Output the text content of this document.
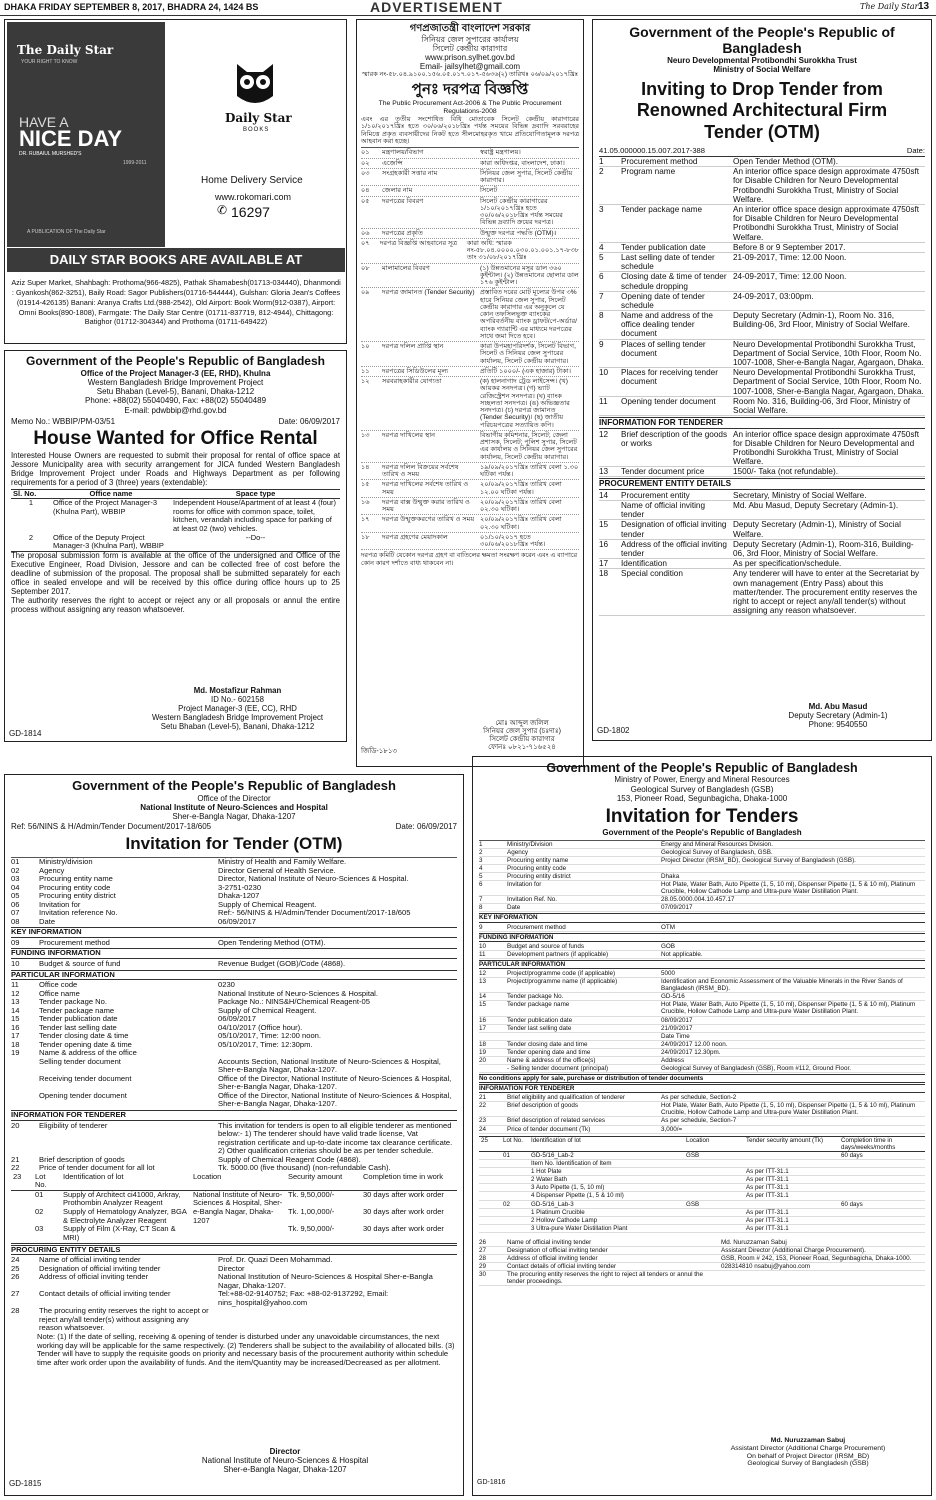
DHAKA FRIDAY SEPTEMBER 8, 2017, BHADRA 24, 1424 BS	ADVERTISEMENT	The Daily Star 13
The Daily Star
YOUR RIGHT TO KNOW
HAVE A
NICE DAY
DR. RUBAIUL MURSHED'S
1999-2011
A PUBLICATION OF The Daily Star
Daily Star
BOOKS
Home Delivery Service
www.rokomari.com
✆ 16297
DAILY STAR BOOKS ARE AVAILABLE AT
Aziz Super Market, Shahbagh: Prothoma(966-4825), Pathak Shamabesh(01713-034440), Dhanmondi : Gyankosh(862-3251), Baily Road: Sagor Publishers(01716-544444), Gulshan: Gloria Jean's Coffees (01914-426135) Banani: Aranya Crafts Ltd.(988-2542), Old Airport: Book Worm(912-0387), Airport: Omni Books(890-1808), Farmgate: The Daily Star Centre (01711-837719, 812-4944), Chittagong: Batighor (01712-304344) and Prothoma (01711-649422)
Government of the People's Republic of Bangladesh
Office of the Project Manager-3 (EE, RHD), Khulna
Western Bangladesh Bridge Improvement Project
Setu Bhaban (Level-5), Banani, Dhaka-1212
Phone: +88(02) 55040490, Fax: +88(02) 55040489
E-mail: pdwbbip@rhd.gov.bd
Memo No.: WBBIP/PM-03/51	Date: 06/09/2017
House Wanted for Office Rental
Interested House Owners are requested to submit their proposal for rental of office space at Jessore Municipality area with security arrangement for JICA funded Western Bangladesh Bridge Improvement Project under Roads and Highways Department as per following requirements for a period of 3 (three) years (extendable):
Sl. No.	Office name	Space type
1	Office of the Project Manager-3 (Khulna Part), WBBIP	Independent House/Apartment of at least 4 (four) rooms for office with common space, toilet, kitchen, verandah including space for parking of at least 02 (two) vehicles.
2	Office of the Deputy Project Manager-3 (Khulna Part), WBBIP	--Do--
The proposal submission form is available at the office of the undersigned and Office of the Executive Engineer, Road Division, Jessore and can be collected free of cost before the deadline of submission of the proposal. The proposal shall be submitted separately for each office in sealed envelope and will be received by this office during office hours up to 25 September 2017.
The authority reserves the right to accept or reject any or all proposals or annul the entire process without assigning any reason whatsoever.
Md. Mostafizur Rahman
ID No.- 602158
Project Manager-3 (EE, CC), RHD
Western Bangladesh Bridge Improvement Project
Setu Bhaban (Level-5), Banani, Dhaka-1212
GD-1814
গণপ্রজাতন্ত্রী বাংলাদেশ সরকার
সিনিয়র জেল সুপারের কার্যালয়
সিলেট কেন্দ্রীয় কারাগার
www.prison.sylhet.gov.bd
Email- jailsylhet@gmail.com
স্মারক নং-৫৮.০৪.৯১০০.১৫৬.০৫.০১৭.০১৭-৫৬৩৬(২) তারিখঃ ০৬/০৯/২০১৭খ্রিঃ
পুনঃ দরপত্র বিজ্ঞপ্তি
The Public Procurement Act-2006 & The Public Procurement Regulations-2008
এবং এর তৃতীয় সংশোধিত বিধি মোতাবেক সিলেট কেন্দ্রীয় কারাগারের ১/১০/২০১৭খ্রিঃ হতে ৩০/০৬/২০১৮খ্রিঃ পর্যন্ত সময়ের বিভিন্ন দ্রব্যাদি সরবরাহের নিমিত্তে প্রকৃত ব্যবসায়ীদের নিকট হতে সীলমোহরকৃত খামে প্রতিযোগিতামূলক দরপত্র আহবান করা হচ্ছে।
০১	মন্ত্রণালয়/বিভাগ	স্বরাষ্ট্র মন্ত্রণালয়।
০২	এজেন্সি	কারা অধিদপ্তর, বাংলাদেশ, ঢাকা।
০৩	সংগ্রহকারী সত্তার নাম	সিনিয়র জেল সুপার, সিলেট কেন্দ্রীয় কারাগার।
০৪	জেলার নাম	সিলেট
০৫	দরপত্রের বিবরণ	সিলেট কেন্দ্রীয় কারাগারের ১/১০/২০১৭খ্রিঃ হতে ৩০/০৬/২০১৮খ্রিঃ পর্যন্ত সময়ের বিভিন্ন দ্রব্যাদি ক্রয়ের দরপত্র।
০৬	দরপত্রের প্রকৃতি	উন্মুক্ত দরপত্র পদ্ধতি (OTM)।
০৭	দরপত্র বিজ্ঞপ্তি আহবানের সূত্র	কারা অধি: স্মারক নং-৫৮.০৪.০০০০.০৩০.০১.০০১.১৭-৮৩৮ তাং ৩১/০৮/২০১৭খ্রিঃ
০৮	মালামালের বিবরণ	(১) উন্নতমানের মসুর ডাল ৩৬০ কুইন্টাল। (২) উন্নতমানের ছোলার ডাল ১৭৬ কুইন্টাল।
০৯	দরপত্র জামানত (Tender Security) প্রস্তাবিত দরের মোট মূল্যের উপর ৩% হারে সিনিয়র জেল সুপার, সিলেট কেন্দ্রীয় কারাগার এর অনুকূলে যে কোন তফসিলভুক্ত ব্যাংকের অপরিবর্তনীয় ব্যাংক ড্রাফট/পে-অর্ডার/ব্যাংক গ্যারান্টি এর মাধ্যমে দরপত্রের সাথে জমা দিতে হবে।
১০	দরপত্র দলিল প্রাপ্তি স্থান	কারা উপমহাপরিদর্শক, সিলেট বিভাগ, সিলেট ও সিনিয়র জেল সুপারের কার্যালয়, সিলেট কেন্দ্রীয় কারাগার।
১১	দরপত্রের সিডিউলের মূল্য	প্রতিটি ১০০০/- (এক হাজার) টাকা।
১২	সরবরাহকারীর যোগ্যতা	(ক) হালনাগাদ ট্রেড লাইসেন্স। (খ) আয়কর সনদপত্র। (গ) ভ্যাট রেজিস্ট্রেশন সনদপত্র। (ঘ) ব্যাংক সচ্ছলতা সনদপত্র। (ঙ) অভিজ্ঞতার সনদপত্র। (চ) দরপত্র জামানত (Tender Security)। (ছ) জাতীয় পরিচয়পত্রের সত্যায়িত কপি।
১৩	দরপত্র দাখিলের স্থান	বিভাগীয় কমিশনার, সিলেট; জেলা প্রশাসক, সিলেট; পুলিশ সুপার, সিলেট এর কার্যালয় ও সিনিয়র জেল সুপারের কার্যালয়, সিলেট কেন্দ্রীয় কারাগার।
১৪	দরপত্র দলিল বিক্রয়ের সর্বশেষ তারিখ ও সময়
১৯/০৯/২০১৭খ্রিঃ তারিখ বেলা ১.৩০ ঘটিকা পর্যন্ত।
১৫	দরপত্র দাখিলের সর্বশেষ তারিখ ও সময়
২০/০৯/২০১৭খ্রিঃ তারিখ বেলা ১২.০০ ঘটিকা পর্যন্ত।
১৬	দরপত্র বাক্স উন্মুক্ত করার তারিখ ও সময়
২০/০৯/২০১৭খ্রিঃ তারিখ বেলা ০২.৩০ ঘটিকা।
১৭	দরপত্র উন্মুক্তকরণের তারিখ ও সময় ২০/০৯/২০১৭খ্রিঃ তারিখ বেলা ০২.৩০ ঘটিকা।
১৮	দরপত্র গ্রহণের মেয়াদকাল	০১/১০/২০১৭ হতে ৩০/০৬/২০১৮খ্রিঃ পর্যন্ত।
দরপত্র কমিটি যেকোন দরপত্র গ্রহণ বা বাতিলের ক্ষমতা সংরক্ষণ করেন এবং এ ব্যাপারে কোন কারণ দর্শাতে বাধ্য থাকবেন না।
মোঃ আব্দুল জলিল
সিনিয়র জেল সুপার (চঃদাঃ)
সিলেট কেন্দ্রীয় কারাগার
ফোনঃ ০৮২১-৭১৬৫২৪
জিডি-১৮১৩
Government of the People's Republic of Bangladesh
Neuro Developmental Protibondhi Surokkha Trust
Ministry of Social Welfare
Inviting to Drop Tender from Renowned Architectural Firm Tender (OTM)
41.05.000000.15.007.2017-388	Date:
1	Procurement method	Open Tender Method (OTM).
2	Program name	An interior office space design approximate 4750sft for Disable Children for Neuro Developmental Protibondhi Surokkha Trust, Ministry of Social Welfare.
3	Tender package name	An interior office space design approximate 4750sft for Disable Children for Neuro Developmental Protibondhi Surokkha Trust, Ministry of Social Welfare.
4	Tender publication date	Before 8 or 9 September 2017.
5	Last selling date of tender schedule
21-09-2017, Time: 12.00 Noon.
6	Closing date & time of tender schedule dropping
24-09-2017, Time: 12.00 Noon.
7	Opening date of tender schedule
24-09-2017, 03:00pm.
8	Name and address of the office dealing tender document
Deputy Secretary (Admin-1), Room No. 316, Building-06, 3rd Floor, Ministry of Social Welfare.
9	Places of selling tender document
Neuro Developmental Protibondhi Surokkha Trust, Department of Social Service, 10th Floor, Room No. 1007-1008, Sher-e-Bangla Nagar, Agargaon, Dhaka.
10	Places for receiving tender document
Neuro Developmental Protibondhi Surokkha Trust, Department of Social Service, 10th Floor, Room No. 1007-1008, Sher-e-Bangla Nagar, Agargaon, Dhaka.
11	Opening tender document	Room No. 316, Building-06, 3rd Floor, Ministry of Social Welfare.
INFORMATION FOR TENDERER
12	Brief description of the goods or works
An interior office space design approximate 4750sft for Disable Children for Neuro Developmental and Protibondhi Surokkha Trust, Ministry of Social Welfare.
13	Tender document price	1500/- Taka (not refundable).
PROCUREMENT ENTITY DETAILS
14	Procurement entity	Secretary, Ministry of Social Welfare.
Name of official inviting tender
Md. Abu Masud, Deputy Secretary (Admin-1).
15	Designation of official inviting tender
Deputy Secretary (Admin-1), Ministry of Social Welfare.
16	Address of the official inviting tender
Deputy Secretary (Admin-1), Room-316, Building-06, 3rd Floor, Ministry of Social Welfare.
17	Identification	As per specification/schedule.
18	Special condition	Any tenderer will have to enter at the Secretariat by own management (Entry Pass) about this matter/tender. The procurement entity reserves the right to accept or reject any/all tender(s) without assigning any reason whatsoever.
Md. Abu Masud
Deputy Secretary (Admin-1)
Phone: 9540550
GD-1802
Government of the People's Republic of Bangladesh
Office of the Director
National Institute of Neuro-Sciences and Hospital
Sher-e-Bangla Nagar, Dhaka-1207
Ref: 56/NINS & H/Admin/Tender Document/2017-18/605	Date: 06/09/2017
Invitation for Tender (OTM)
01	Ministry/division	Ministry of Health and Family Welfare.
02	Agency	Director General of Health Service.
03	Procuring entity name	Director, National Institute of Neuro-Sciences & Hospital.
04	Procuring entity code	3-2751-0230
05	Procuring entity district	Dhaka-1207
06	Invitation for	Supply of Chemical Reagent.
07	Invitation reference No.	Ref:- 56/NINS & H/Admin/Tender Document/2017-18/605
08	Date	06/09/2017
KEY INFORMATION
09	Procurement method	Open Tendering Method (OTM).
FUNDING INFORMATION
10	Budget & source of fund	Revenue Budget (GOB)/Code (4868).
PARTICULAR INFORMATION
11	Office code	0230
12	Office name	National Institute of Neuro-Sciences & Hospital.
13	Tender package No.	Package No.: NINS&H/Chemical Reagent-05
14	Tender package name	Supply of Chemical Reagent.
15	Tender publication date	06/09/2017
16	Tender last selling date	04/10/2017 (Office hour).
17	Tender closing date & time	05/10/2017, Time: 12:00 noon.
18	Tender opening date & time	05/10/2017, Time: 12:30pm.
19	Name & address of the office
Selling tender document	Accounts Section, National Institute of Neuro-Sciences & Hospital, Sher-e-Bangla Nagar, Dhaka-1207.
Receiving tender document	Office of the Director, National Institute of Neuro-Sciences & Hospital, Sher-e-Bangla Nagar, Dhaka-1207.
Opening tender document	Office of the Director, National Institute of Neuro-Sciences & Hospital, Sher-e-Bangla Nagar, Dhaka-1207.
INFORMATION FOR TENDERER
20	Eligibility of tenderer	This invitation for tenders is open to all eligible tenderer as mentioned below:- 1) The tenderer should have valid trade license, Vat registration certificate and up-to-date income tax clearance certificate. 2) Other qualification criterias should be as per tender schedule.
21	Brief description of goods	Supply of Chemical Reagent Code (4868).
22	Price of tender document for all lot	Tk. 5000.00 (five thousand) (non-refundable Cash).
23	Lot No.	Identification of lot	Location	Security amount	Completion time in work
	01	Supply of Architect ci41000, Arkray, Prothombin Analyzer Reagent	National Institute of Neuro-Sciences & Hospital, Sher-e-Bangla Nagar, Dhaka-1207	Tk. 9,50,000/-	30 days after work order
	02	Supply of Hematology Analyzer, BGA & Electrolyte Analyzer Reagent		Tk. 1,00,000/-	30 days after work order
	03	Supply of Film (X-Ray, CT Scan & MRI)		Tk. 9,50,000/-	30 days after work order
PROCURING ENTITY DETAILS
24	Name of official inviting tender	Prof. Dr. Quazi Deen Mohammad.
25	Designation of official inviting tender	Director
26	Address of official inviting tender	National Institution of Neuro-Sciences & Hospital Sher-e-Bangla Nagar, Dhaka-1207.
27	Contact details of official inviting tender	Tel:+88-02-9140752; Fax: +88-02-9137292, Email: nins_hospital@yahoo.com
28	The procuring entity reserves the right to accept or reject any/all tender(s) without assigning any reason whatsoever.
Note: (1) If the date of selling, receiving & opening of tender is disturbed under any unavoidable circumstances, the next working day will be applicable for the same respectively. (2) Tenderers shall be subject to the availability of allocated bills. (3) Tender will have to supply the requisite goods on priority and necessary basis of the procurement authority within schedule time after work order upon the availability of funds. And the item/Quantity may be increased/Decreased as per allotment.
Director
National Institute of Neuro-Sciences & Hospital
Sher-e-Bangla Nagar, Dhaka-1207
GD-1815
Government of the People's Republic of Bangladesh
Ministry of Power, Energy and Mineral Resources
Geological Survey of Bangladesh (GSB)
153, Pioneer Road, Segunbagicha, Dhaka-1000
Invitation for Tenders
Government of the People's Republic of Bangladesh
1	Ministry/Division	Energy and Mineral Resources Division.
2	Agency	Geological Survey of Bangladesh, GSB.
3	Procuring entity name	Project Director (IRSM_BD), Geological Survey of Bangladesh (GSB).
4	Procuring entity code
5	Procuring entity district	Dhaka
6	Invitation for	Hot Plate, Water Bath, Auto Pipette (1, 5, 10 ml), Dispenser Pipette (1, 5 & 10 ml), Platinum Crucible, Hollow Cathode Lamp and Ultra-pure Water Distillation Plant.
7	Invitation Ref. No.	28.05.0000.004.10.457.17
8	Date	07/09/2017
KEY INFORMATION
9	Procurement method	OTM
FUNDING INFORMATION
10	Budget and source of funds	GOB
11	Development partners (if applicable)	Not applicable.
PARTICULAR INFORMATION
12	Project/programme code (if applicable)	5000
13	Project/programme name (if applicable)	Identification and Economic Assessment of the Valuable Minerals in the River Sands of Bangladesh (IRSM_BD).
14	Tender package No.	GD-5/16
15	Tender package name	Hot Plate, Water Bath, Auto Pipette (1, 5, 10 ml), Dispenser Pipette (1, 5 & 10 ml), Platinum Crucible, Hollow Cathode Lamp and Ultra-pure Water Distillation Plant.
16	Tender publication date	08/09/2017
17	Tender last selling date	21/09/2017
Date Time
18	Tender closing date and time	24/09/2017 12.00 noon.
19	Tender opening date and time	24/09/2017 12.30pm.
20	Name & address of the office(s)	Address
- Selling tender document (principal)	Geological Survey of Bangladesh (GSB), Room #112, Ground Floor.
No conditions apply for sale, purchase or distribution of tender documents
INFORMATION FOR TENDERER
21	Brief eligibility and qualification of tenderer	As per schedule, Section-2
22	Brief description of goods	Hot Plate, Water Bath, Auto Pipette (1, 5, 10 ml), Dispenser Pipette (1, 5 & 10 ml), Platinum Crucible, Hollow Cathode Lamp and Ultra-pure Water Distillation Plant.
23	Brief description of related services	As per schedule, Section-7
24	Price of tender document (Tk)	3,000/=
25	Lot No.	Identification of lot	Location	Tender security amount (Tk)	Completion time in days/weeks/months
	01	GD-5/16_Lab-2	GSB		60 days
		Item No. Identification of Item			
		1 Hot Plate		As per ITT-31.1	
		2 Water Bath		As per ITT-31.1	
		3 Auto Pipette (1, 5, 10 ml)		As per ITT-31.1	
		4 Dispenser Pipette (1, 5 & 10 ml)		As per ITT-31.1	
	02	GD-5/16_Lab-3	GSB		60 days
		1 Platinum Crucible		As per ITT-31.1	
		2 Hollow Cathode Lamp		As per ITT-31.1	
		3 Ultra-pure Water Distillation Plant		As per ITT-31.1	
26	Name of official inviting tender	Md. Nuruzzaman Sabuj
27	Designation of official inviting tender	Assistant Director (Additional Charge Procurement).
28	Address of official inviting tender	GSB, Room # 242, 153, Pioneer Road, Segunbagicha, Dhaka-1000.
29	Contact details of official inviting tender	028314810 nsabuj@yahoo.com
30	The procuring entity reserves the right to reject all tenders or annul the tender proceedings.
Md. Nuruzzaman Sabuj
Assistant Director (Additional Charge Procurement)
On behalf of Project Director (IRSM_BD)
Geological Survey of Bangladesh (GSB)
GD-1816
